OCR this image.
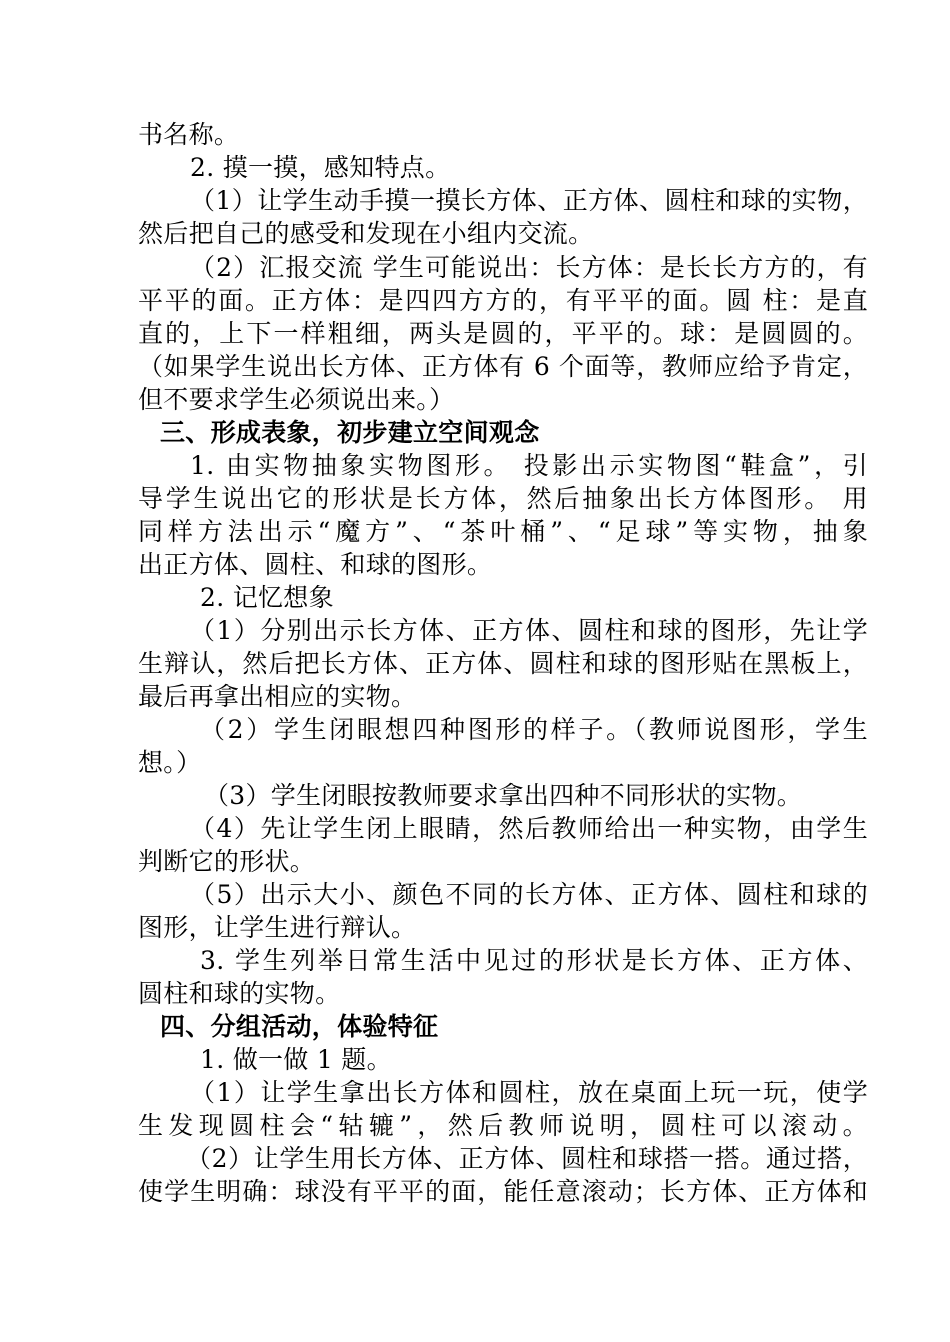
书名称。
2. 摸一摸，感知特点。
（1）让学生动手摸一摸长方体、正方体、圆柱和球的实物，
然后把自己的感受和发现在小组内交流。
（2）汇报交流 学生可能说出：长方体：是长长方方的，有
平平的面。正方体：是四四方方的，有平平的面。圆 柱：是直
直的，上下一样粗细，两头是圆的，平平的。球：是圆圆的。
（如果学生说出长方体、正方体有 6 个面等，教师应给予肯定，
但不要求学生必须说出来。）
三、形成表象，初步建立空间观念
1. 由实物抽象实物图形。 投影出示实物图“鞋盒”，引
导学生说出它的形状是长方体，然后抽象出长方体图形。 用
同样方法出示“魔方”、“茶叶桶”、“足球”等实物，抽象
出正方体、圆柱、和球的图形。
2. 记忆想象
（1）分别出示长方体、正方体、圆柱和球的图形，先让学
生辩认，然后把长方体、正方体、圆柱和球的图形贴在黑板上，
最后再拿出相应的实物。
（2）学生闭眼想四种图形的样子。（教师说图形，学生
想。）
（3）学生闭眼按教师要求拿出四种不同形状的实物。
（4）先让学生闭上眼睛，然后教师给出一种实物，由学生
判断它的形状。
（5）出示大小、颜色不同的长方体、正方体、圆柱和球的
图形，让学生进行辩认。
3. 学生列举日常生活中见过的形状是长方体、正方体、
圆柱和球的实物。
四、分组活动，体验特征
1. 做一做 1 题。
（1）让学生拿出长方体和圆柱，放在桌面上玩一玩，使学
生发现圆柱会“轱辘”，然后教师说明，圆柱可以滚动。
（2）让学生用长方体、正方体、圆柱和球搭一搭。通过搭，
使学生明确：球没有平平的面，能任意滚动；长方体、正方体和
